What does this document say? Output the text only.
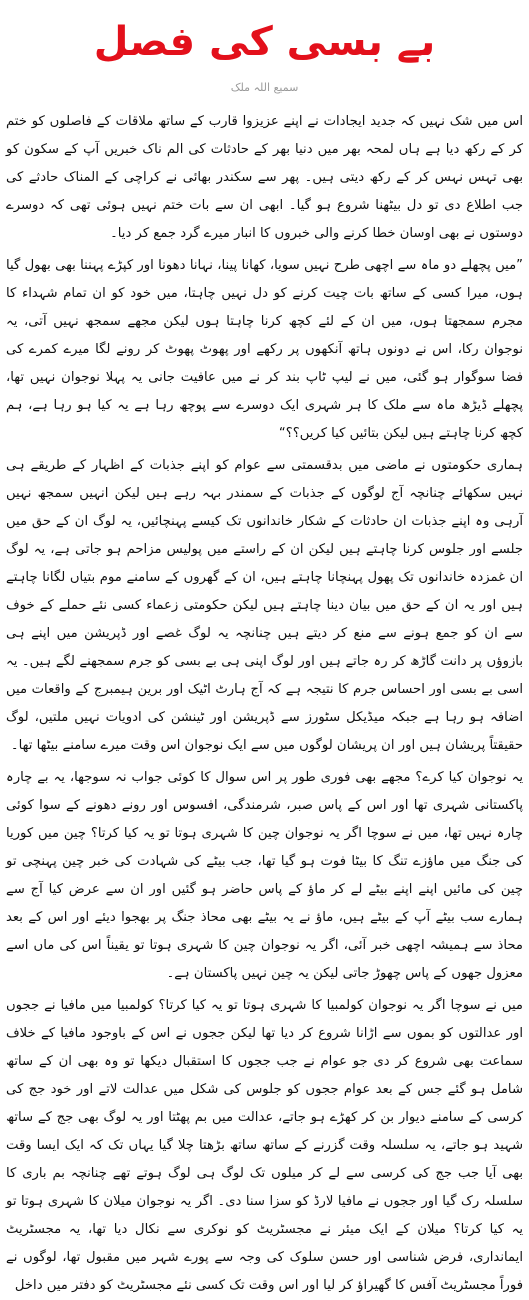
بے بسی کی فصل
سمیع اللہ ملک

اس میں شک نہیں کہ جدید ایجادات نے اپنے عزیزوا قارب کے ساتھ ملاقات کے فاصلوں کو ختم کر کے رکھ دیا ہے ہاں لمحہ بھر میں دنیا بھر کے حادثات کی الم ناک خبریں آپ کے سکون کو بھی تہس نہس کر کے رکھ دیتی ہیں۔ پھر سے سکندر بھائی نے کراچی کے المناک حادثے کی جب اطلاع دی تو دل بیٹھنا شروع ہو گیا۔ ابھی ان سے بات ختم نہیں ہوئی تھی کہ دوسرے دوستوں نے بھی اوسان خطا کرنے والی خبروں کا انبار میرے گرد جمع کر دیا۔

”میں پچھلے دو ماہ سے اچھی طرح نہیں سویا، کھانا پینا، نہانا دھونا اور کپڑے پہننا بھی بھول گیا ہوں، میرا کسی کے ساتھ بات چیت کرنے کو دل نہیں چاہتا، میں خود کو ان تمام شہداء کا مجرم سمجھتا ہوں، میں ان کے لئے کچھ کرنا چاہتا ہوں لیکن مجھے سمجھ نہیں آتی، یہ نوجوان رکا، اس نے دونوں ہاتھ آنکھوں پر رکھے اور پھوٹ پھوٹ کر رونے لگا میرے کمرے کی فضا سوگوار ہو گئی، میں نے لیپ ٹاپ بند کر نے میں عافیت جانی یہ پہلا نوجوان نہیں تھا، پچھلے ڈیڑھ ماہ سے ملک کا ہر شہری ایک دوسرے سے پوچھ رہا ہے یہ کیا ہو رہا ہے، ہم کچھ کرنا چاہتے ہیں لیکن بتائیں کیا کریں؟؟“

ہماری حکومتوں نے ماضی میں بدقسمتی سے عوام کو اپنے جذبات کے اظہار کے طریقے ہی نہیں سکھائے چنانچہ آج لوگوں کے جذبات کے سمندر بہہ رہے ہیں لیکن انہیں سمجھ نہیں آرہی وہ اپنے جذبات ان حادثات کے شکار خاندانوں تک کیسے پہنچائیں، یہ لوگ ان کے حق میں جلسے اور جلوس کرنا چاہتے ہیں لیکن ان کے راستے میں پولیس مزاحم ہو جاتی ہے، یہ لوگ ان غمزدہ خاندانوں تک پھول پہنچانا چاہتے ہیں، ان کے گھروں کے سامنے موم بتیاں لگانا چاہتے ہیں اور یہ ان کے حق میں بیان دینا چاہتے ہیں لیکن حکومتی زعماء کسی نئے حملے کے خوف سے ان کو جمع ہونے سے منع کر دیتے ہیں چنانچہ یہ لوگ غصے اور ڈپریشن میں اپنے ہی بازوؤں پر دانت گاڑھ کر رہ جاتے ہیں اور لوگ اپنی ہی بے بسی کو جرم سمجھنے لگے ہیں۔ یہ اسی بے بسی اور احساس جرم کا نتیجہ ہے کہ آج ہارٹ اٹیک اور برین ہیمبرج کے واقعات میں اضافہ ہو رہا ہے جبکہ میڈیکل سٹورز سے ڈپریشن اور ٹینشن کی ادویات نہیں ملتیں، لوگ حقیقتاً پریشان ہیں اور ان پریشان لوگوں میں سے ایک نوجوان اس وقت میرے سامنے بیٹھا تھا۔

یہ نوجوان کیا کرے؟ مجھے بھی فوری طور پر اس سوال کا کوئی جواب نہ سوجھا، یہ بے چارہ پاکستانی شہری تھا اور اس کے پاس صبر، شرمندگی، افسوس اور رونے دھونے کے سوا کوئی چارہ نہیں تھا، میں نے سوچا اگر یہ نوجوان چین کا شہری ہوتا تو یہ کیا کرتا؟ چین میں کوریا کی جنگ میں ماؤزے تنگ کا بیٹا فوت ہو گیا تھا، جب بیٹے کی شہادت کی خبر چین پہنچی تو چین کی مائیں اپنے اپنے بیٹے لے کر ماؤ کے پاس حاضر ہو گئیں اور ان سے عرض کیا آج سے ہمارے سب بیٹے آپ کے بیٹے ہیں، ماؤ نے یہ بیٹے بھی محاذ جنگ پر بھجوا دیئے اور اس کے بعد محاذ سے ہمیشہ اچھی خبر آئی، اگر یہ نوجوان چین کا شہری ہوتا تو یقیناً اس کی ماں اسے معزول جھوں کے پاس چھوڑ جاتی لیکن یہ چین نہیں پاکستان ہے۔

میں نے سوچا اگر یہ نوجوان کولمبیا کا شہری ہوتا تو یہ کیا کرتا؟ کولمبیا میں مافیا نے ججوں اور عدالتوں کو بموں سے اڑانا شروع کر دیا تھا لیکن ججوں نے اس کے باوجود مافیا کے خلاف سماعت بھی شروع کر دی جو عوام نے جب ججوں کا استقبال دیکھا تو وہ بھی ان کے ساتھ شامل ہو گئے جس کے بعد عوام ججوں کو جلوس کی شکل میں عدالت لاتے اور خود جج کی کرسی کے سامنے دیوار بن کر کھڑے ہو جاتے، عدالت میں بم پھٹتا اور یہ لوگ بھی جج کے ساتھ شہید ہو جاتے، یہ سلسلہ وقت گزرنے کے ساتھ ساتھ بڑھتا چلا گیا یہاں تک کہ ایک ایسا وقت بھی آیا جب جج کی کرسی سے لے کر میلوں تک لوگ ہی لوگ ہوتے تھے چنانچہ بم باری کا سلسلہ رک گیا اور ججوں نے مافیا لارڈ کو سزا سنا دی۔ اگر یہ نوجوان میلان کا شہری ہوتا تو یہ کیا کرتا؟ میلان کے ایک میئر نے مجسٹریٹ کو نوکری سے نکال دیا تھا، یہ مجسٹریٹ ایمانداری، فرض شناسی اور حسن سلوک کی وجہ سے پورے شہر میں مقبول تھا، لوگوں نے فوراً مجسٹریٹ آفس کا گھیراؤ کر لیا اور اس وقت تک کسی نئے مجسٹریٹ کو دفتر میں داخل
